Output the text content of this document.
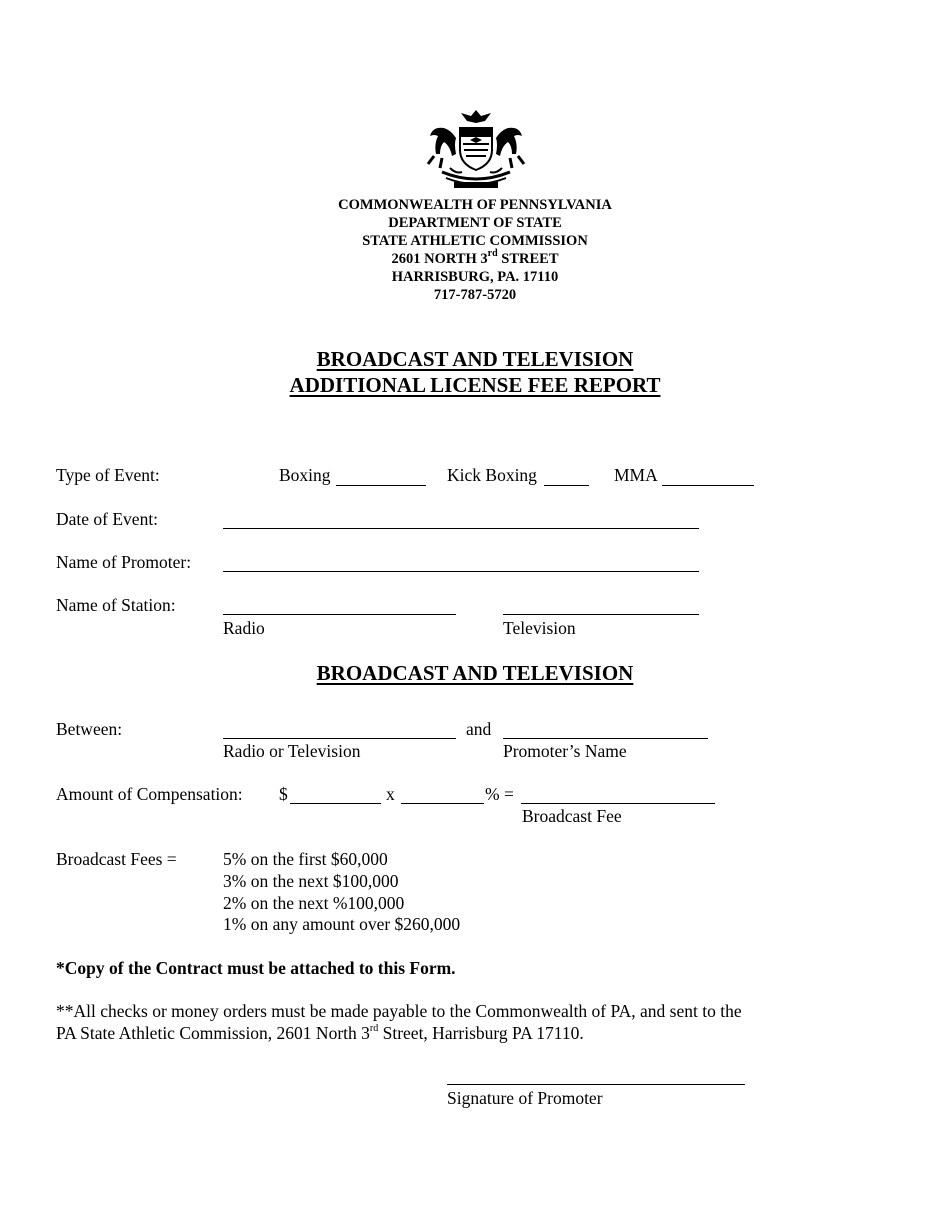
COMMONWEALTH OF PENNSYLVANIA
DEPARTMENT OF STATE
STATE ATHLETIC COMMISSION
2601 NORTH 3rd STREET
HARRISBURG, PA. 17110
717-787-5720
BROADCAST AND TELEVISION
ADDITIONAL LICENSE FEE REPORT
Type of Event:	Boxing	Kick Boxing	MMA
Date of Event:
Name of Promoter:
Name of Station:
Radio	Television
BROADCAST AND TELEVISION
Between:	and
Radio or Television	Promoter’s Name
Amount of Compensation: $	x	% =
Broadcast Fee
Broadcast Fees =	5% on the first $60,000
3% on the next $100,000
2% on the next %100,000
1% on any amount over $260,000
*Copy of the Contract must be attached to this Form.
**All checks or money orders must be made payable to the Commonwealth of PA, and sent to the
PA State Athletic Commission, 2601 North 3rd Street, Harrisburg PA 17110.
Signature of Promoter
